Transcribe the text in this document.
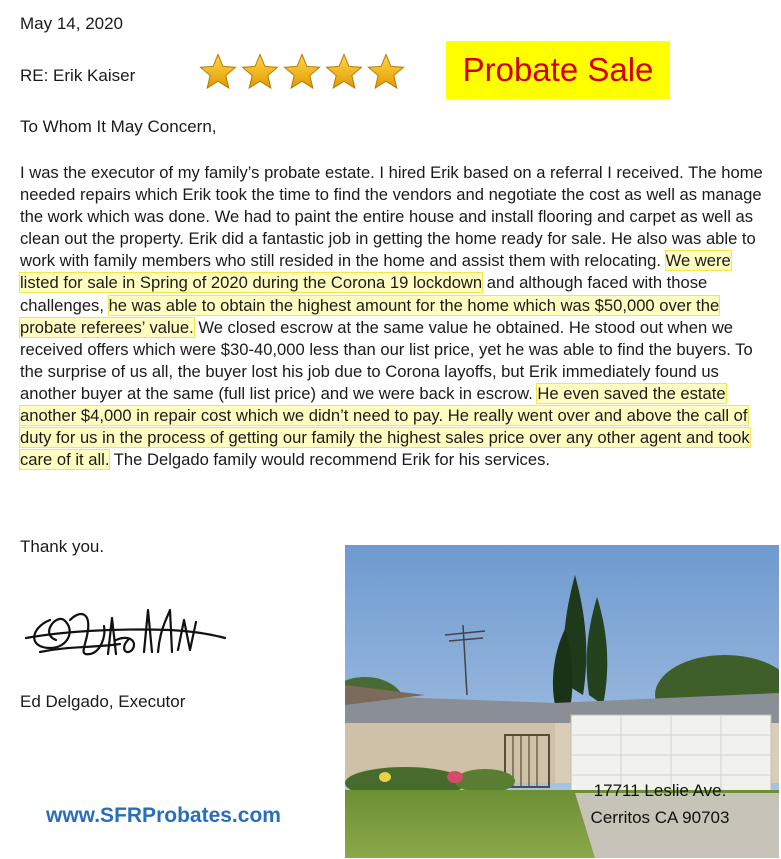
May 14, 2020
RE: Erik Kaiser	Probate Sale
To Whom It May Concern,
I was the executor of my family’s probate estate. I hired Erik based on a referral I received. The home needed repairs which Erik took the time to find the vendors and negotiate the cost as well as manage the work which was done. We had to paint the entire house and install flooring and carpet as well as clean out the property. Erik did a fantastic job in getting the home ready for sale. He also was able to work with family members who still resided in the home and assist them with relocating. We were listed for sale in Spring of 2020 during the Corona 19 lockdown and although faced with those challenges, he was able to obtain the highest amount for the home which was $50,000 over the probate referees’ value. We closed escrow at the same value he obtained. He stood out when we received offers which were $30-40,000 less than our list price, yet he was able to find the buyers. To the surprise of us all, the buyer lost his job due to Corona layoffs, but Erik immediately found us another buyer at the same (full list price) and we were back in escrow. He even saved the estate another $4,000 in repair cost which we didn’t need to pay. He really went over and above the call of duty for us in the process of getting our family the highest sales price over any other agent and took care of it all. The Delgado family would recommend Erik for his services.
Thank you.
Ed Delgado, Executor
www.SFRProbates.com
17711 Leslie Ave.
Cerritos CA 90703
